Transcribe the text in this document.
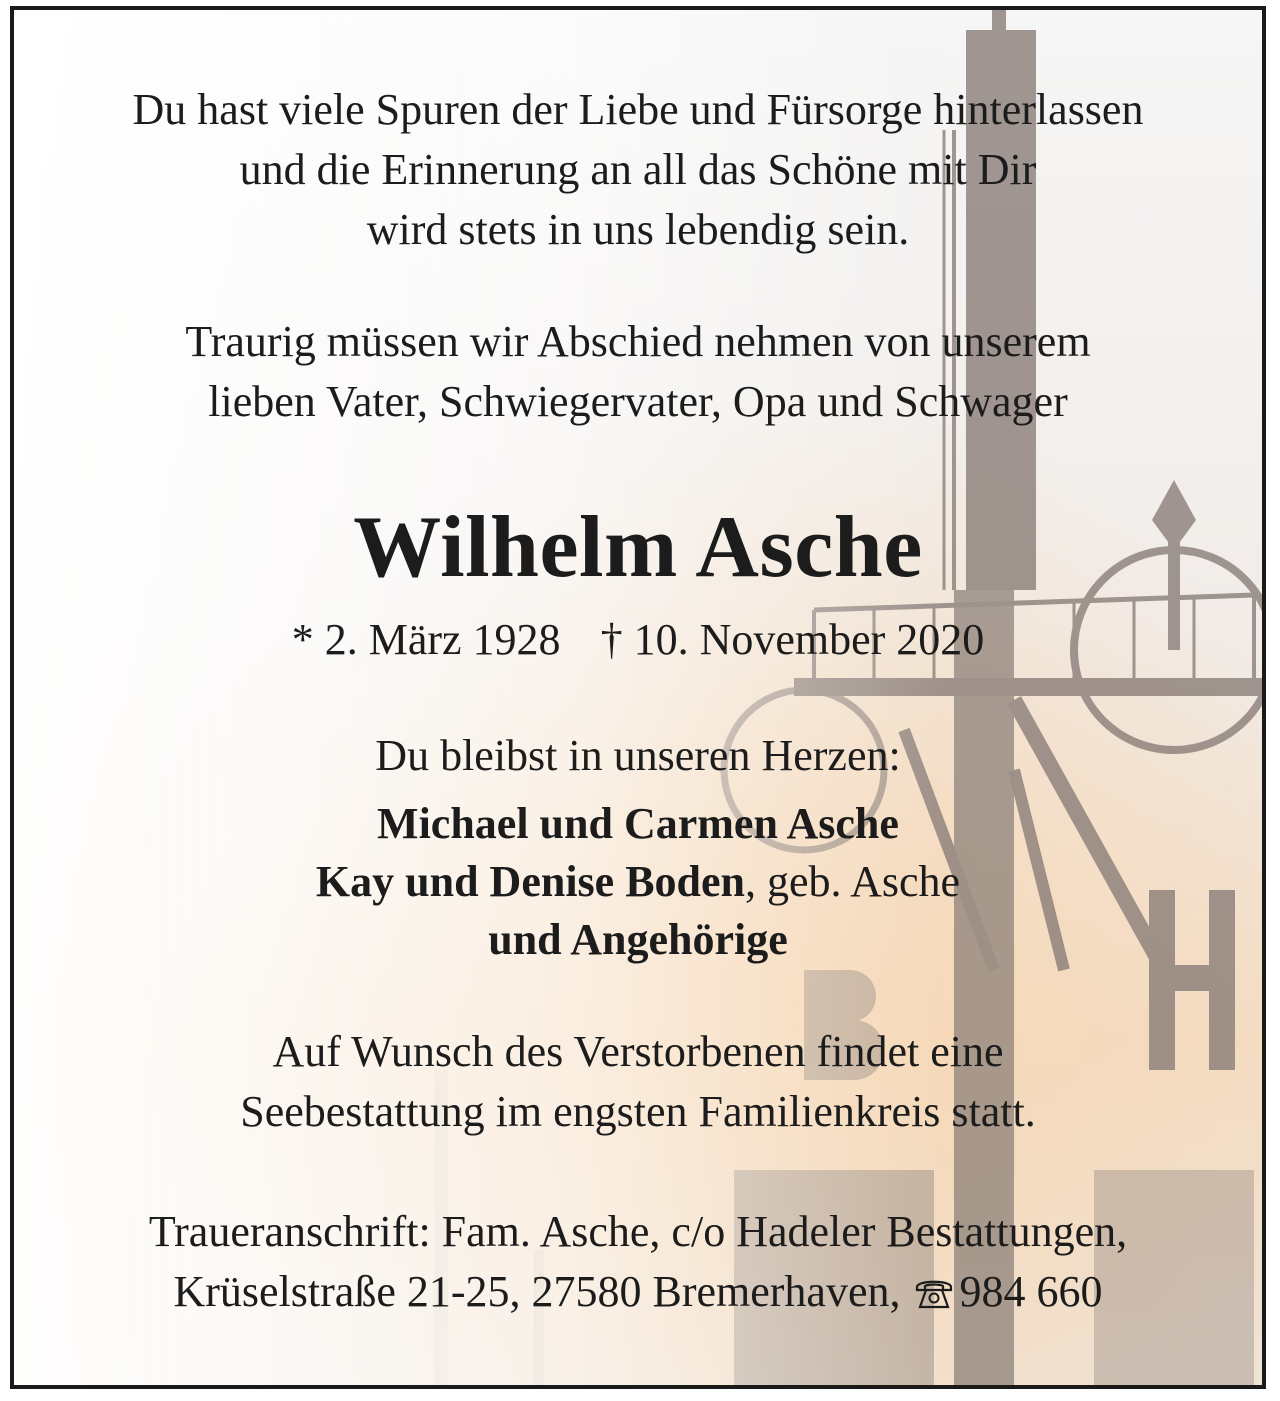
Du hast viele Spuren der Liebe und Fürsorge hinterlassen
und die Erinnerung an all das Schöne mit Dir
wird stets in uns lebendig sein.
Traurig müssen wir Abschied nehmen von unserem
lieben Vater, Schwiegervater, Opa und Schwager
Wilhelm Asche
* 2. März 1928 † 10. November 2020
Du bleibst in unseren Herzen:
Michael und Carmen Asche
Kay und Denise Boden, geb. Asche
und Angehörige
Auf Wunsch des Verstorbenen findet eine
Seebestattung im engsten Familienkreis statt.
Traueranschrift: Fam. Asche, c/o Hadeler Bestattungen,
Krüselstraße 21-25, 27580 Bremerhaven, 984 660
